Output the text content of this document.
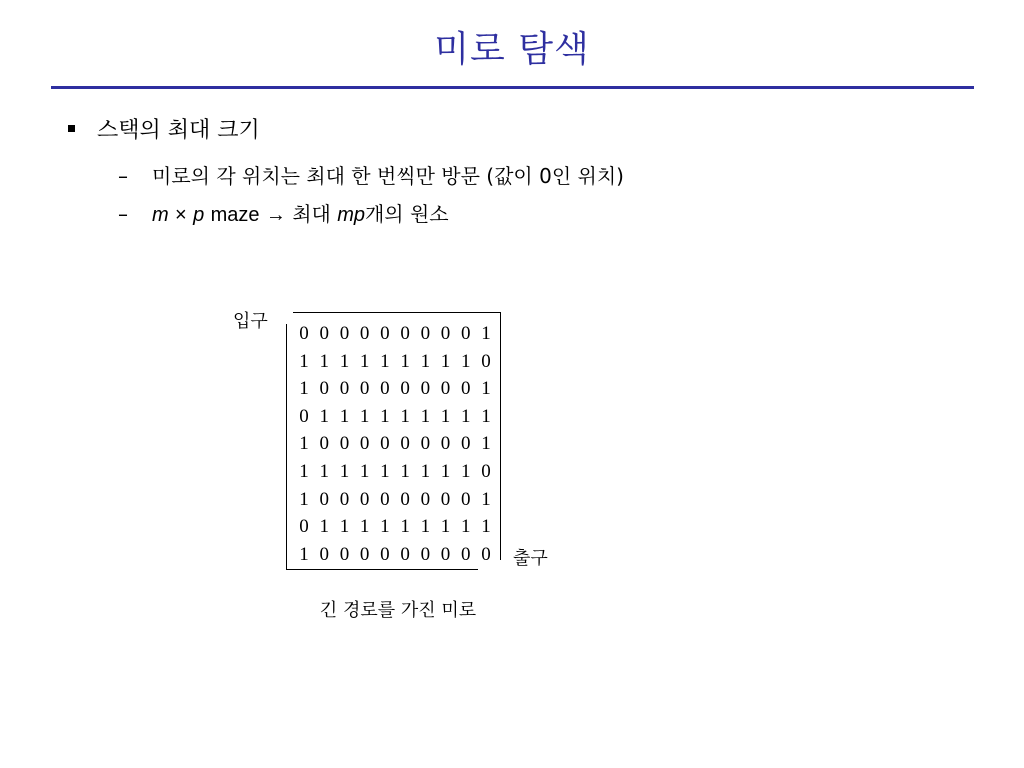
미로 탐색
스택의 최대 크기
– 미로의 각 위치는 최대 한 번씩만 방문 (값이 0인 위치)
– m × p maze → 최대 mp개의 원소
입구
0 0 0 0 0 0 0 0 0 1
1 1 1 1 1 1 1 1 1 0
1 0 0 0 0 0 0 0 0 1
0 1 1 1 1 1 1 1 1 1
1 0 0 0 0 0 0 0 0 1
1 1 1 1 1 1 1 1 1 0
1 0 0 0 0 0 0 0 0 1
0 1 1 1 1 1 1 1 1 1
1 0 0 0 0 0 0 0 0 0 출구
긴 경로를 가진 미로
